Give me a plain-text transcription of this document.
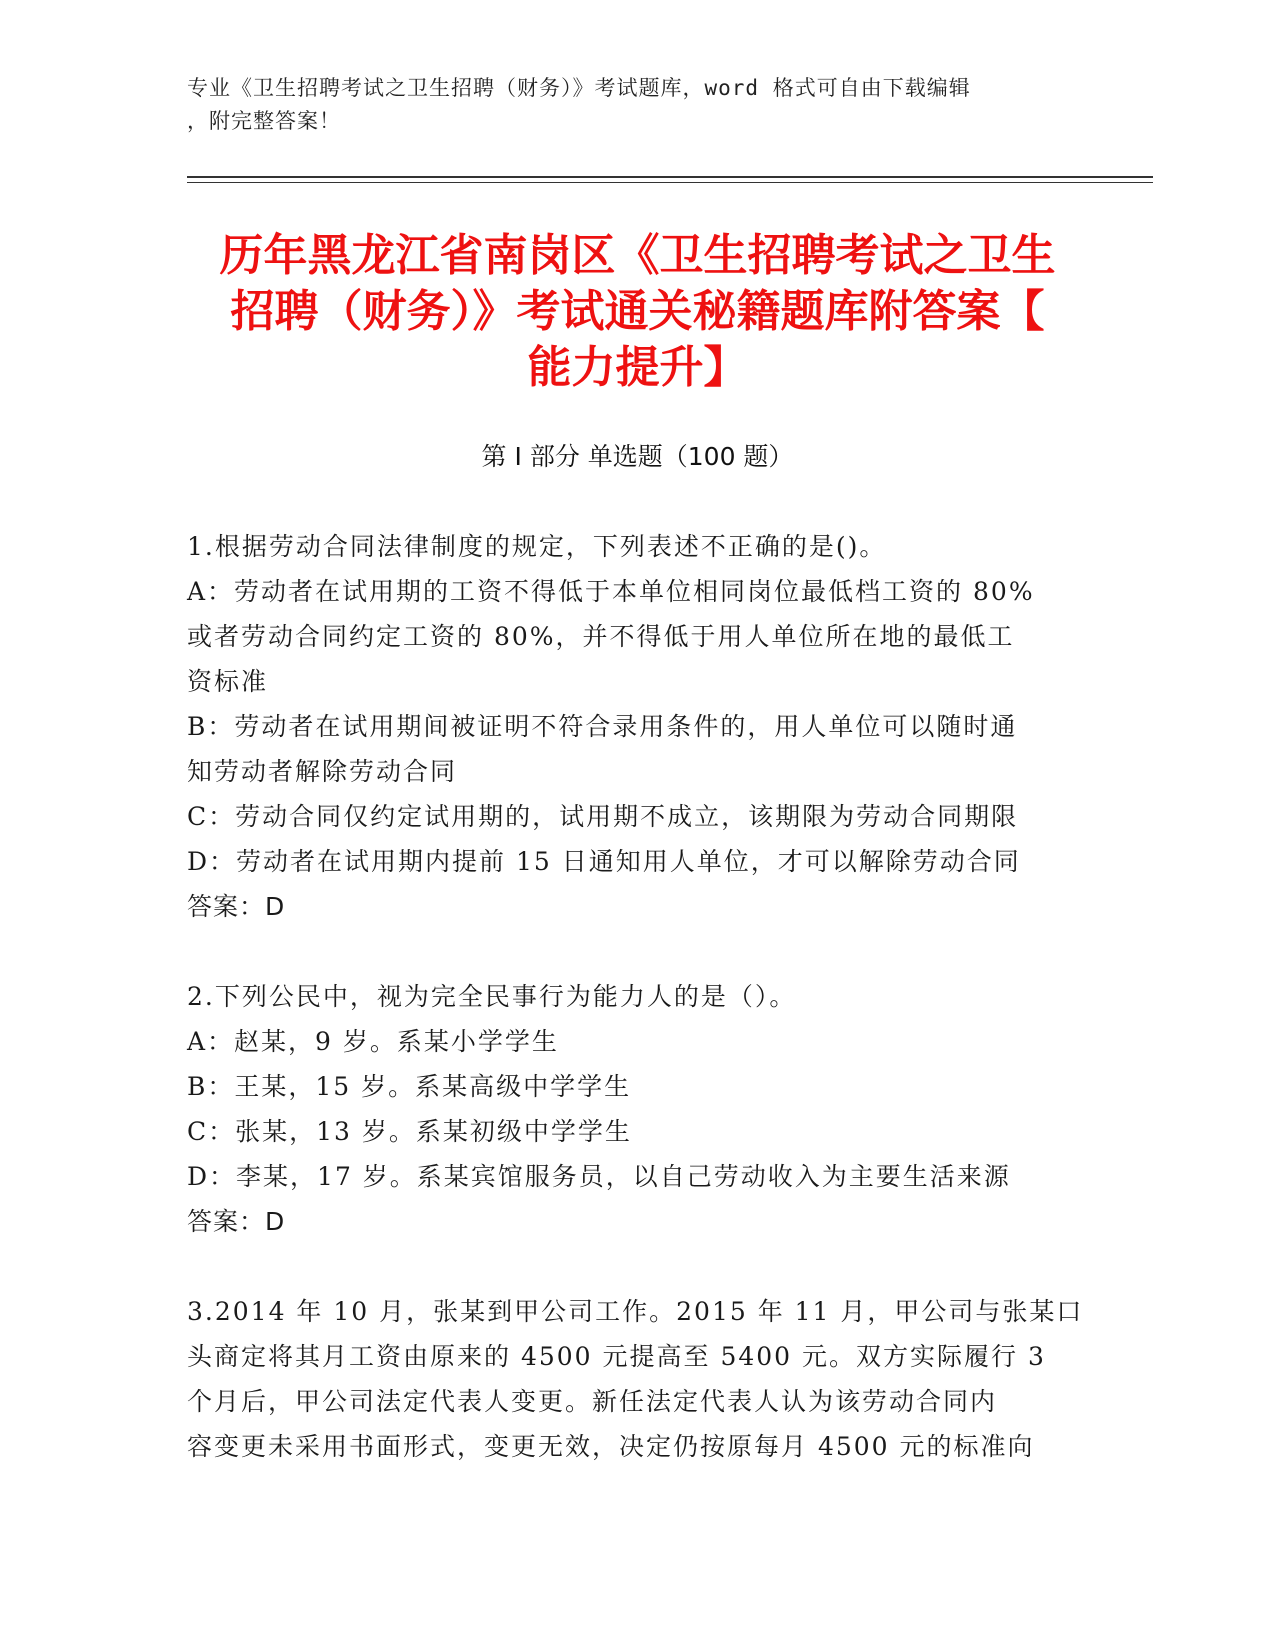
专业《卫生招聘考试之卫生招聘（财务）》考试题库，word 格式可自由下载编辑
，附完整答案！
历年黑龙江省南岗区《卫生招聘考试之卫生
招聘（财务）》考试通关秘籍题库附答案【
能力提升】
第 I 部分 单选题（100 题）
1.根据劳动合同法律制度的规定，下列表述不正确的是()。
A：劳动者在试用期的工资不得低于本单位相同岗位最低档工资的 80%
或者劳动合同约定工资的 80%，并不得低于用人单位所在地的最低工
资标准
B：劳动者在试用期间被证明不符合录用条件的，用人单位可以随时通
知劳动者解除劳动合同
C：劳动合同仅约定试用期的，试用期不成立，该期限为劳动合同期限
D：劳动者在试用期内提前 15 日通知用人单位，才可以解除劳动合同
答案：D
2.下列公民中，视为完全民事行为能力人的是（）。
A：赵某，9 岁。系某小学学生
B：王某，15 岁。系某高级中学学生
C：张某，13 岁。系某初级中学学生
D：李某，17 岁。系某宾馆服务员，以自己劳动收入为主要生活来源
答案：D
3.2014 年 10 月，张某到甲公司工作。2015 年 11 月，甲公司与张某口
头商定将其月工资由原来的 4500 元提高至 5400 元。双方实际履行 3
个月后，甲公司法定代表人变更。新任法定代表人认为该劳动合同内
容变更未采用书面形式，变更无效，决定仍按原每月 4500 元的标准向
